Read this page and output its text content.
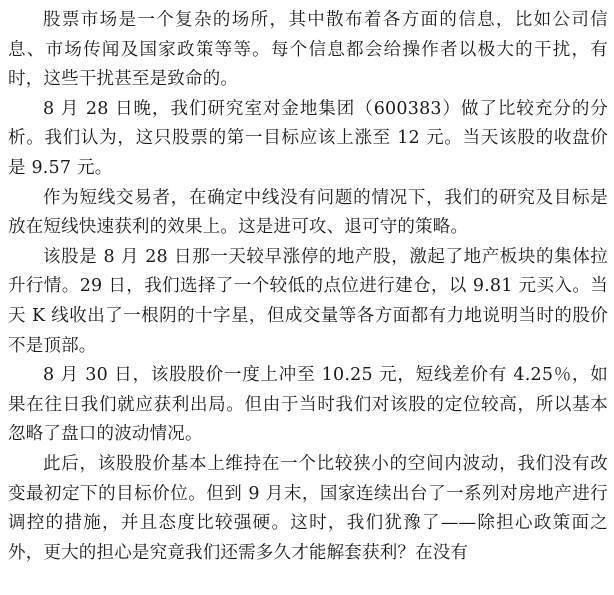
股票市场是一个复杂的场所，其中散布着各方面的信息，比如公司信息、市场传闻及国家政策等等。每个信息都会给操作者以极大的干扰，有时，这些干扰甚至是致命的。

8 月 28 日晚，我们研究室对金地集团（600383）做了比较充分的分析。我们认为，这只股票的第一目标应该上涨至 12 元。当天该股的收盘价是 9.57 元。

作为短线交易者，在确定中线没有问题的情况下，我们的研究及目标是放在短线快速获利的效果上。这是进可攻、退可守的策略。

该股是 8 月 28 日那一天较早涨停的地产股，激起了地产板块的集体拉升行情。29 日，我们选择了一个较低的点位进行建仓，以 9.81 元买入。当天 K 线收出了一根阴的十字星，但成交量等各方面都有力地说明当时的股价不是顶部。

8 月 30 日，该股股价一度上冲至 10.25 元，短线差价有 4.25％，如果在往日我们就应获利出局。但由于当时我们对该股的定位较高，所以基本忽略了盘口的波动情况。

此后，该股股价基本上维持在一个比较狭小的空间内波动，我们没有改变最初定下的目标价位。但到 9 月末，国家连续出台了一系列对房地产进行调控的措施，并且态度比较强硬。这时，我们犹豫了——除担心政策面之外，更大的担心是究竟我们还需多久才能解套获利？在没有
